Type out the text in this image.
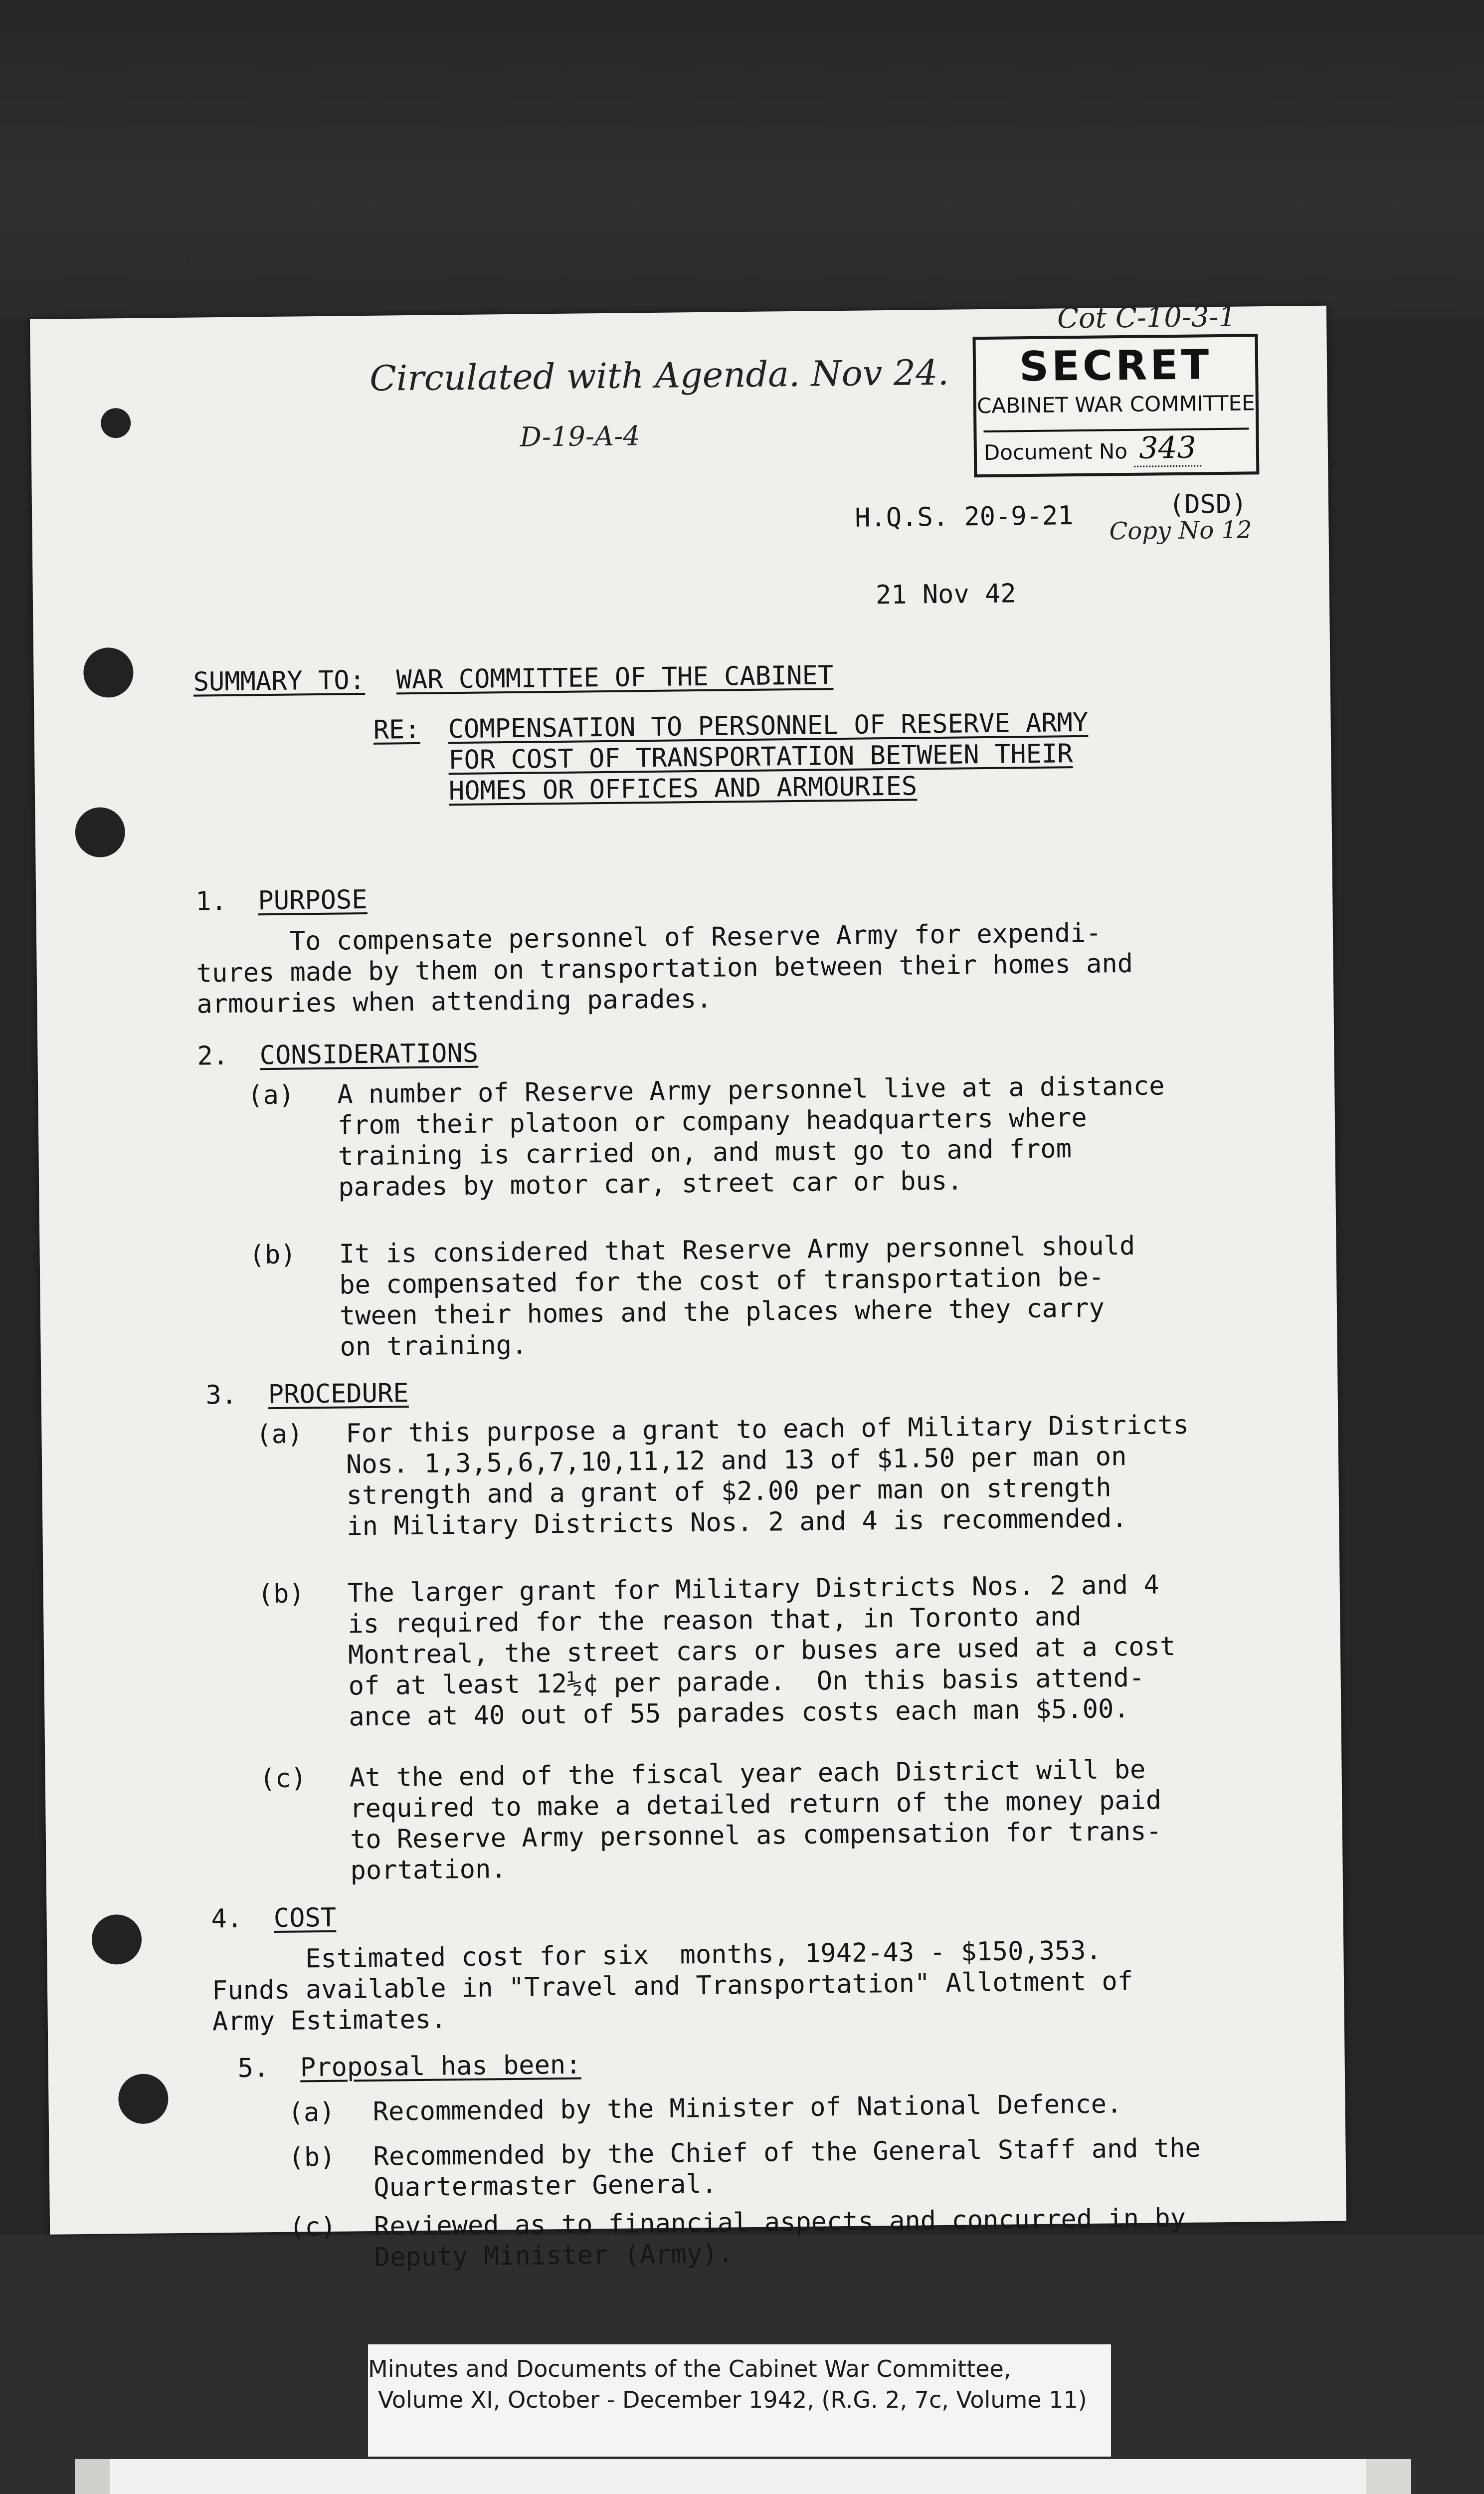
Circulated with Agenda. Nov 24.
D-19-A-4
Cot C-10-3-1
(DSD)
Copy No 12
SECRET
CABINET WAR COMMITTEE
Document No 343
H.Q.S. 20-9-21
21 Nov 42
SUMMARY TO: WAR COMMITTEE OF THE CABINET
RE: COMPENSATION TO PERSONNEL OF RESERVE ARMY
FOR COST OF TRANSPORTATION BETWEEN THEIR
HOMES OR OFFICES AND ARMOURIES
1. PURPOSE
To compensate personnel of Reserve Army for expendi-
tures made by them on transportation between their homes and
armouries when attending parades.
2. CONSIDERATIONS
(a)	A number of Reserve Army personnel live at a distance
from their platoon or company headquarters where
training is carried on, and must go to and from
parades by motor car, street car or bus.
(b)	It is considered that Reserve Army personnel should
be compensated for the cost of transportation be-
tween their homes and the places where they carry
on training.
3. PROCEDURE
(a)	For this purpose a grant to each of Military Districts
Nos. 1,3,5,6,7,10,11,12 and 13 of $1.50 per man on
strength and a grant of $2.00 per man on strength
in Military Districts Nos. 2 and 4 is recommended.
(b)	The larger grant for Military Districts Nos. 2 and 4
is required for the reason that, in Toronto and
Montreal, the street cars or buses are used at a cost
of at least 12½¢ per parade.  On this basis attend-
ance at 40 out of 55 parades costs each man $5.00.
(c)	At the end of the fiscal year each District will be
required to make a detailed return of the money paid
to Reserve Army personnel as compensation for trans-
portation.
4. COST
Estimated cost for six  months, 1942-43 - $150,353.
Funds available in "Travel and Transportation" Allotment of
Army Estimates.
5. Proposal has been:
(a)	Recommended by the Minister of National Defence.
(b)	Recommended by the Chief of the General Staff and the
Quartermaster General.
(c)	Reviewed as to financial aspects and concurred in by
Deputy Minister (Army).
Minutes and Documents of the Cabinet War Committee,
Volume XI, October - December 1942, (R.G. 2, 7c, Volume 11)
